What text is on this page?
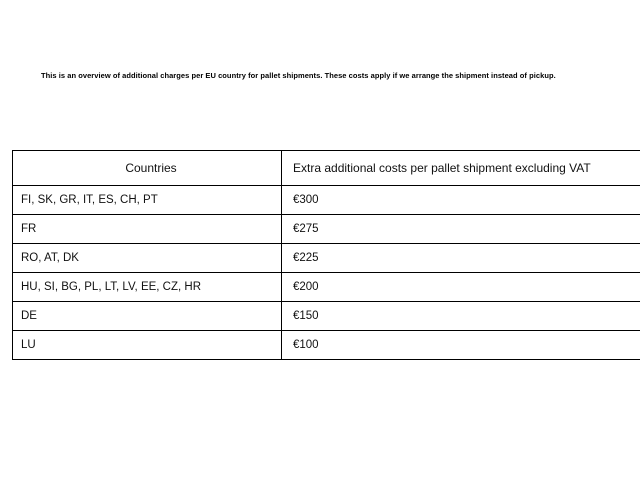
This is an overview of additional charges per EU country for pallet shipments. These costs apply if we arrange the shipment instead of pickup.

Countries	Extra additional costs per pallet shipment excluding VAT
FI, SK, GR, IT, ES, CH, PT	€300
FR	€275
RO, AT, DK	€225
HU, SI, BG, PL, LT, LV, EE, CZ, HR	€200
DE	€150
LU	€100
